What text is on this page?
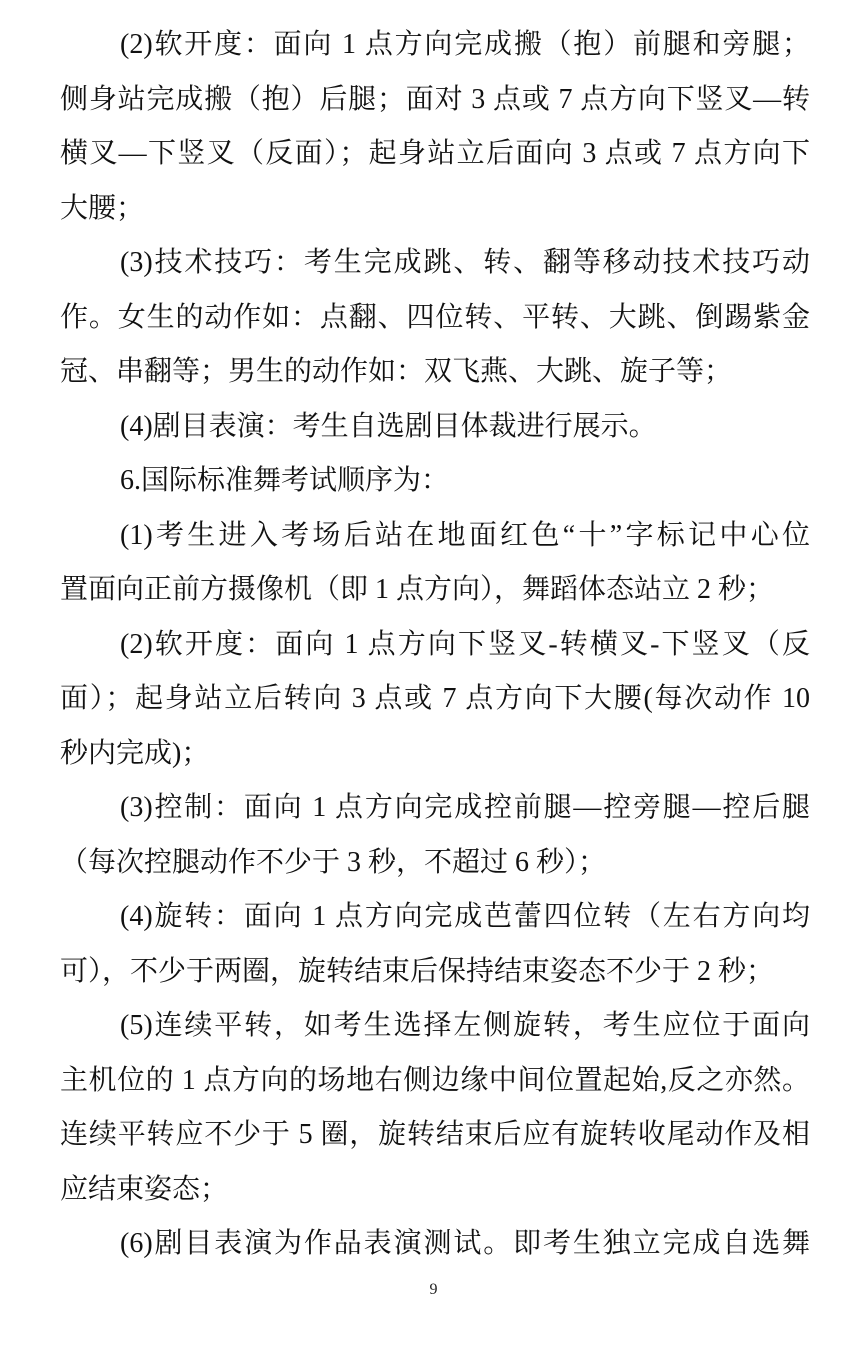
(2)软开度：面向 1 点方向完成搬（抱）前腿和旁腿；
侧身站完成搬（抱）后腿；面对 3 点或 7 点方向下竖叉—转
横叉—下竖叉（反面）；起身站立后面向 3 点或 7 点方向下
大腰；
(3)技术技巧：考生完成跳、转、翻等移动技术技巧动
作。女生的动作如：点翻、四位转、平转、大跳、倒踢紫金
冠、串翻等；男生的动作如：双飞燕、大跳、旋子等；
(4)剧目表演：考生自选剧目体裁进行展示。
6.国际标准舞考试顺序为：
(1)考生进入考场后站在地面红色“十”字标记中心位
置面向正前方摄像机（即 1 点方向），舞蹈体态站立 2 秒；
(2)软开度：面向 1 点方向下竖叉-转横叉-下竖叉（反
面）；起身站立后转向 3 点或 7 点方向下大腰(每次动作 10
秒内完成)；
(3)控制：面向 1 点方向完成控前腿—控旁腿—控后腿
（每次控腿动作不少于 3 秒，不超过 6 秒）；
(4)旋转：面向 1 点方向完成芭蕾四位转（左右方向均
可），不少于两圈，旋转结束后保持结束姿态不少于 2 秒；
(5)连续平转，如考生选择左侧旋转，考生应位于面向
主机位的 1 点方向的场地右侧边缘中间位置起始,反之亦然。
连续平转应不少于 5 圈，旋转结束后应有旋转收尾动作及相
应结束姿态；
(6)剧目表演为作品表演测试。即考生独立完成自选舞
9
